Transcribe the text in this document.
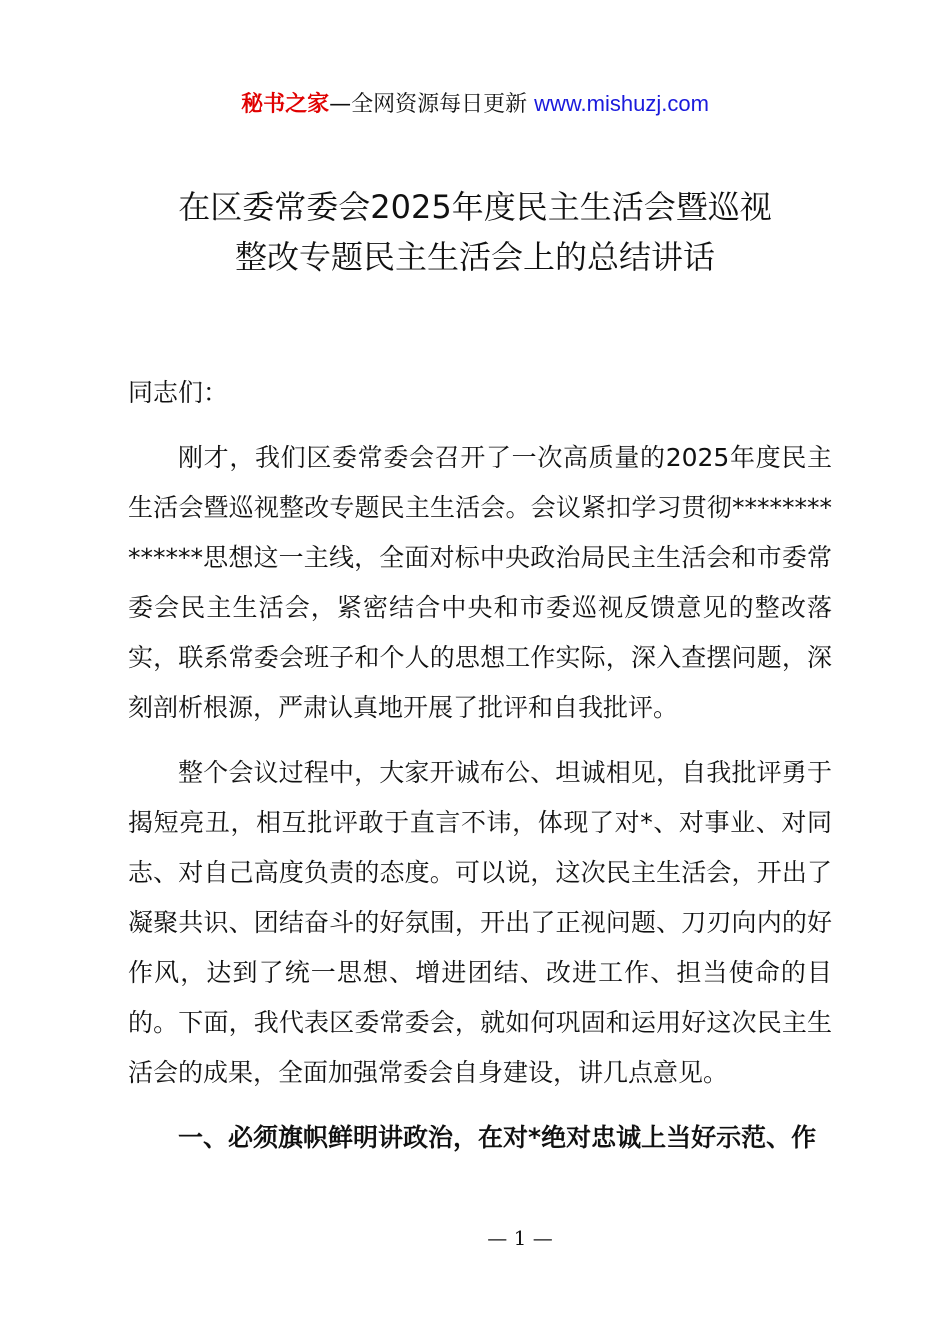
秘书之家—全网资源每日更新 www.mishuzj.com
在区委常委会2025年度民主生活会暨巡视
整改专题民主生活会上的总结讲话

同志们：

刚才，我们区委常委会召开了一次高质量的2025年度民主生活会暨巡视整改专题民主生活会。会议紧扣学习贯彻**************思想这一主线，全面对标中央政治局民主生活会和市委常委会民主生活会，紧密结合中央和市委巡视反馈意见的整改落实，联系常委会班子和个人的思想工作实际，深入查摆问题，深刻剖析根源，严肃认真地开展了批评和自我批评。

整个会议过程中，大家开诚布公、坦诚相见，自我批评勇于揭短亮丑，相互批评敢于直言不讳，体现了对*、对事业、对同志、对自己高度负责的态度。可以说，这次民主生活会，开出了凝聚共识、团结奋斗的好氛围，开出了正视问题、刀刃向内的好作风，达到了统一思想、增进团结、改进工作、担当使命的目的。下面，我代表区委常委会，就如何巩固和运用好这次民主生活会的成果，全面加强常委会自身建设，讲几点意见。

一、必须旗帜鲜明讲政治，在对*绝对忠诚上当好示范、作

— 1 —
